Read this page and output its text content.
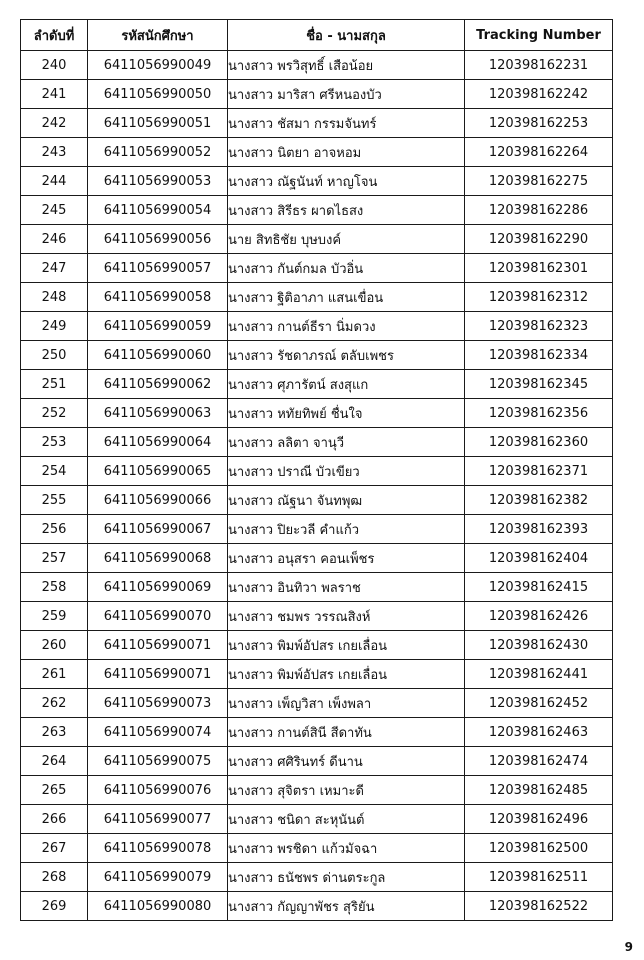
ลำดับที่	รหัสนักศึกษา	ชื่อ - นามสกุล	Tracking Number
240	6411056990049	นางสาว พรวิสุทธิ์ เสือน้อย	120398162231
241	6411056990050	นางสาว มาริสา ศรีหนองบัว	120398162242
242	6411056990051	นางสาว ชัสมา กรรมจันทร์	120398162253
243	6411056990052	นางสาว นิตยา อาจหอม	120398162264
244	6411056990053	นางสาว ณัฐนันท์ หาญโจน	120398162275
245	6411056990054	นางสาว สิรีธร ผาดไธสง	120398162286
246	6411056990056	นาย สิทธิชัย บุษบงค์	120398162290
247	6411056990057	นางสาว กันต์กมล บัวอิ่น	120398162301
248	6411056990058	นางสาว ฐิติอาภา แสนเขื่อน	120398162312
249	6411056990059	นางสาว กานต์ธีรา นิ่มดวง	120398162323
250	6411056990060	นางสาว รัชดาภรณ์ ตลับเพชร	120398162334
251	6411056990062	นางสาว ศุภารัตน์ สงสุแก	120398162345
252	6411056990063	นางสาว หทัยทิพย์ ชื่นใจ	120398162356
253	6411056990064	นางสาว ลลิตา จานุวี	120398162360
254	6411056990065	นางสาว ปราณี บัวเขียว	120398162371
255	6411056990066	นางสาว ณัฐนา จันทพุฒ	120398162382
256	6411056990067	นางสาว ปิยะวลี คำแก้ว	120398162393
257	6411056990068	นางสาว อนุสรา คอนเพ็ชร	120398162404
258	6411056990069	นางสาว อินทิวา พลราช	120398162415
259	6411056990070	นางสาว ชมพร วรรณสิงห์	120398162426
260	6411056990071	นางสาว พิมพ์อัปสร เกยเลื่อน	120398162430
261	6411056990071	นางสาว พิมพ์อัปสร เกยเลื่อน	120398162441
262	6411056990073	นางสาว เพ็ญวิสา เพ็งพลา	120398162452
263	6411056990074	นางสาว กานต์สินี สีดาทัน	120398162463
264	6411056990075	นางสาว ศศิรินทร์ ดีนาน	120398162474
265	6411056990076	นางสาว สุจิตรา เหมาะดี	120398162485
266	6411056990077	นางสาว ชนิดา สะหุนันต์	120398162496
267	6411056990078	นางสาว พรชิดา แก้วมัจฉา	120398162500
268	6411056990079	นางสาว ธนัชพร ด่านตระกูล	120398162511
269	6411056990080	นางสาว กัญญาพัชร สุริยัน	120398162522
9
